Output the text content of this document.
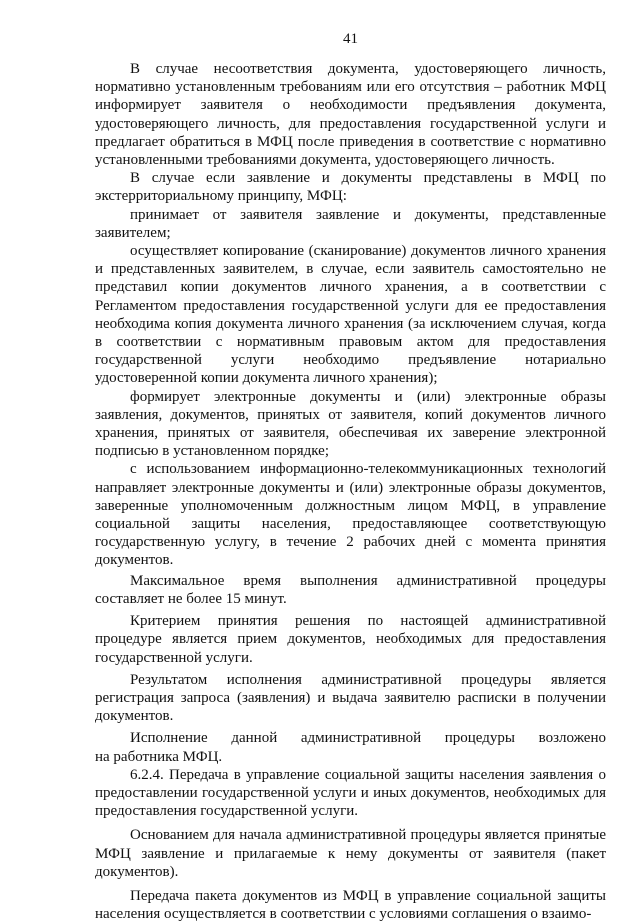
41

В случае несоответствия документа, удостоверяющего личность, нормативно установленным требованиям или его отсутствия – работник МФЦ информирует заявителя о необходимости предъявления документа, удостоверяющего личность, для предоставления государственной услуги и предлагает обратиться в МФЦ после приведения в соответствие с нормативно установленными требованиями документа, удостоверяющего личность.

В случае если заявление и документы представлены в МФЦ по экстерриториальному принципу, МФЦ:

принимает от заявителя заявление и документы, представленные заявителем;

осуществляет копирование (сканирование) документов личного хранения и представленных заявителем, в случае, если заявитель самостоятельно не представил копии документов личного хранения, а в соответствии с Регламентом предоставления государственной услуги для ее предоставления необходима копия документа личного хранения (за исключением случая, когда в соответствии с нормативным правовым актом для предоставления государственной услуги необходимо предъявление нотариально удостоверенной копии документа личного хранения);

формирует электронные документы и (или) электронные образы заявления, документов, принятых от заявителя, копий документов личного хранения, принятых от заявителя, обеспечивая их заверение электронной подписью в установленном порядке;

с использованием информационно-телекоммуникационных технологий направляет электронные документы и (или) электронные образы документов, заверенные уполномоченным должностным лицом МФЦ, в управление социальной защиты населения, предоставляющее соответствующую государственную услугу, в течение 2 рабочих дней с момента принятия документов.

Максимальное время выполнения административной процедуры составляет не более 15 минут.

Критерием принятия решения по настоящей административной процедуре является прием документов, необходимых для предоставления государственной услуги.

Результатом исполнения административной процедуры является регистрация запроса (заявления) и выдача заявителю расписки в получении документов.

Исполнение данной административной процедуры возложено

на работника МФЦ.

6.2.4. Передача в управление социальной защиты населения заявления о предоставлении государственной услуги и иных документов, необходимых для предоставления государственной услуги.

Основанием для начала административной процедуры является принятые МФЦ заявление и прилагаемые к нему документы от заявителя (пакет документов).

Передача пакета документов из МФЦ в управление социальной защиты населения осуществляется в соответствии с условиями соглашения о взаимо-
